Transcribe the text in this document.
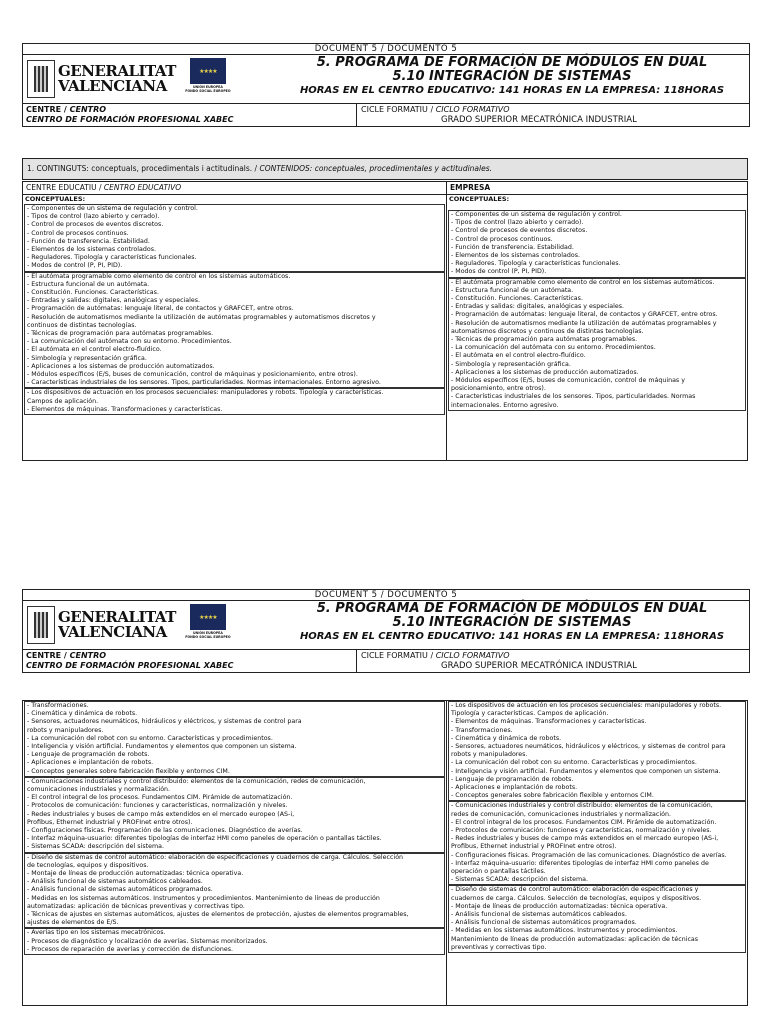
DOCUMENT 5 / DOCUMENTO 5
GENERALITAT
VALENCIANA
★★★★
UNIÓN EUROPEA
FONDO SOCIAL EUROPEO
5. PROGRAMA DE FORMACIÓN DE MÓDULOS EN DUAL
5.10 INTEGRACIÓN DE SISTEMAS
HORAS EN EL CENTRO EDUCATIVO: 141 HORAS EN LA EMPRESA: 118HORAS
CENTRE / CENTRO
CENTRO DE FORMACIÓN PROFESIONAL XABEC
CICLE FORMATIU / CICLO FORMATIVO
GRADO SUPERIOR MECATRÓNICA INDUSTRIAL
1. CONTINGUTS: conceptuals, procedimentals i actitudinals. / CONTENIDOS: conceptuales, procedimentales y actitudinales.
CENTRE EDUCATIU / CENTRO EDUCATIVO
CONCEPTUALES:
- Componentes de un sistema de regulación y control.
- Tipos de control (lazo abierto y cerrado).
- Control de procesos de eventos discretos.
- Control de procesos continuos.
- Función de transferencia. Estabilidad.
- Elementos de los sistemas controlados.
- Reguladores. Tipología y características funcionales.
- Modos de control (P, PI, PID).
- El autómata programable como elemento de control en los sistemas automáticos.
- Estructura funcional de un autómata.
- Constitución. Funciones. Características.
- Entradas y salidas: digitales, analógicas y especiales.
- Programación de autómatas: lenguaje literal, de contactos y GRAFCET, entre otros.
- Resolución de automatismos mediante la utilización de autómatas programables y automatismos discretos y
continuos de distintas tecnologías.
- Técnicas de programación para autómatas programables.
- La comunicación del autómata con su entorno. Procedimientos.
- El autómata en el control electro-fluídico.
- Simbología y representación gráfica.
- Aplicaciones a los sistemas de producción automatizados.
- Módulos específicos (E/S, buses de comunicación, control de máquinas y posicionamiento, entre otros).
- Características industriales de los sensores. Tipos, particularidades. Normas internacionales. Entorno agresivo.
- Los dispositivos de actuación en los procesos secuenciales: manipuladores y robots. Tipología y características.
Campos de aplicación.
- Elementos de máquinas. Transformaciones y características.
EMPRESA
CONCEPTUALES:
- Componentes de un sistema de regulación y control.
- Tipos de control (lazo abierto y cerrado).
- Control de procesos de eventos discretos.
- Control de procesos continuos.
- Función de transferencia. Estabilidad.
- Elementos de los sistemas controlados.
- Reguladores. Tipología y características funcionales.
- Modos de control (P, PI, PID).
- El autómata programable como elemento de control en los sistemas automáticos.
- Estructura funcional de un autómata.
- Constitución. Funciones. Características.
- Entradas y salidas: digitales, analógicas y especiales.
- Programación de autómatas: lenguaje literal, de contactos y GRAFCET, entre otros.
- Resolución de automatismos mediante la utilización de autómatas programables y
automatismos discretos y continuos de distintas tecnologías.
- Técnicas de programación para autómatas programables.
- La comunicación del autómata con su entorno. Procedimientos.
- El autómata en el control electro-fluídico.
- Simbología y representación gráfica.
- Aplicaciones a los sistemas de producción automatizados.
- Módulos específicos (E/S, buses de comunicación, control de máquinas y
posicionamiento, entre otros).
- Características industriales de los sensores. Tipos, particularidades. Normas
internacionales. Entorno agresivo.
DOCUMENT 5 / DOCUMENTO 5
GENERALITAT
VALENCIANA
★★★★
UNIÓN EUROPEA
FONDO SOCIAL EUROPEO
5. PROGRAMA DE FORMACIÓN DE MÓDULOS EN DUAL
5.10 INTEGRACIÓN DE SISTEMAS
HORAS EN EL CENTRO EDUCATIVO: 141 HORAS EN LA EMPRESA: 118HORAS
CENTRE / CENTRO
CENTRO DE FORMACIÓN PROFESIONAL XABEC
CICLE FORMATIU / CICLO FORMATIVO
GRADO SUPERIOR MECATRÓNICA INDUSTRIAL
- Transformaciones.
- Cinemática y dinámica de robots.
- Sensores, actuadores neumáticos, hidráulicos y eléctricos, y sistemas de control para
robots y manipuladores.
- La comunicación del robot con su entorno. Características y procedimientos.
- Inteligencia y visión artificial. Fundamentos y elementos que componen un sistema.
- Lenguaje de programación de robots.
- Aplicaciones e implantación de robots.
- Conceptos generales sobre fabricación flexible y entornos CIM.
- Comunicaciones industriales y control distribuido: elementos de la comunicación, redes de comunicación,
comunicaciones industriales y normalización.
- El control integral de los procesos. Fundamentos CIM. Pirámide de automatización.
- Protocolos de comunicación: funciones y características, normalización y niveles.
- Redes industriales y buses de campo más extendidos en el mercado europeo (AS-i,
Profibus, Ethernet industrial y PROFInet entre otros).
- Configuraciones físicas. Programación de las comunicaciones. Diagnóstico de averías.
- Interfaz máquina-usuario: diferentes tipologías de interfaz HMI como paneles de operación o pantallas táctiles.
- Sistemas SCADA: descripción del sistema.
- Diseño de sistemas de control automático: elaboración de especificaciones y cuadernos de carga. Cálculos. Selección
de tecnologías, equipos y dispositivos.
- Montaje de líneas de producción automatizadas: técnica operativa.
- Análisis funcional de sistemas automáticos cableados.
- Análisis funcional de sistemas automáticos programados.
- Medidas en los sistemas automáticos. Instrumentos y procedimientos. Mantenimiento de líneas de producción
automatizadas: aplicación de técnicas preventivas y correctivas tipo.
- Técnicas de ajustes en sistemas automáticos, ajustes de elementos de protección, ajustes de elementos programables,
ajustes de elementos de E/S.
- Averías tipo en los sistemas mecatrónicos.
- Procesos de diagnóstico y localización de averías. Sistemas monitorizados.
- Procesos de reparación de averías y corrección de disfunciones.
- Los dispositivos de actuación en los procesos secuenciales: manipuladores y robots.
Tipología y características. Campos de aplicación.
- Elementos de máquinas. Transformaciones y características.
- Transformaciones.
- Cinemática y dinámica de robots.
- Sensores, actuadores neumáticos, hidráulicos y eléctricos, y sistemas de control para
robots y manipuladores.
- La comunicación del robot con su entorno. Características y procedimientos.
- Inteligencia y visión artificial. Fundamentos y elementos que componen un sistema.
- Lenguaje de programación de robots.
- Aplicaciones e implantación de robots.
- Conceptos generales sobre fabricación flexible y entornos CIM.
- Comunicaciones industriales y control distribuido: elementos de la comunicación,
redes de comunicación, comunicaciones industriales y normalización.
- El control integral de los procesos. Fundamentos CIM. Pirámide de automatización.
- Protocolos de comunicación: funciones y características, normalización y niveles.
- Redes industriales y buses de campo más extendidos en el mercado europeo (AS-i,
Profibus, Ethernet industrial y PROFInet entre otros).
- Configuraciones físicas. Programación de las comunicaciones. Diagnóstico de averías.
- Interfaz máquina-usuario: diferentes tipologías de interfaz HMI como paneles de
operación o pantallas táctiles.
- Sistemas SCADA: descripción del sistema.
- Diseño de sistemas de control automático: elaboración de especificaciones y
cuadernos de carga. Cálculos. Selección de tecnologías, equipos y dispositivos.
- Montaje de líneas de producción automatizadas: técnica operativa.
- Análisis funcional de sistemas automáticos cableados.
- Análisis funcional de sistemas automáticos programados.
- Medidas en los sistemas automáticos. Instrumentos y procedimientos.
Mantenimiento de líneas de producción automatizadas: aplicación de técnicas
preventivas y correctivas tipo.
